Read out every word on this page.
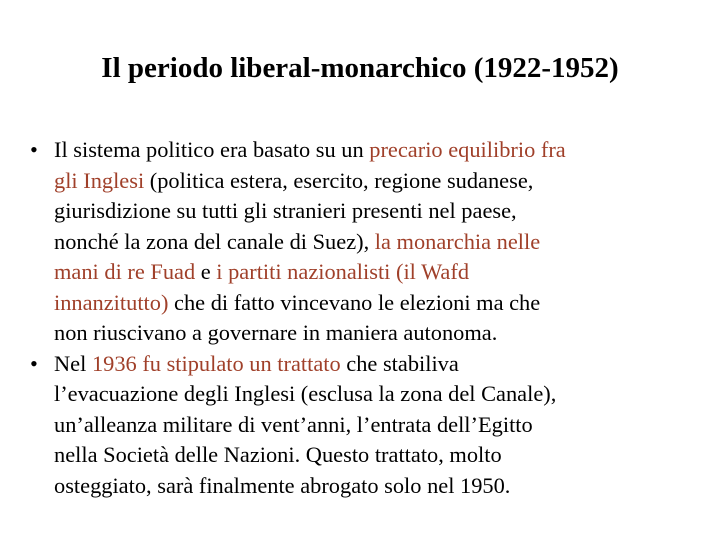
Il periodo liberal-monarchico (1922-1952)
• Il sistema politico era basato su un precario equilibrio fra
gli Inglesi (politica estera, esercito, regione sudanese,
giurisdizione su tutti gli stranieri presenti nel paese,
nonché la zona del canale di Suez), la monarchia nelle
mani di re Fuad e i partiti nazionalisti (il Wafd
innanzitutto) che di fatto vincevano le elezioni ma che
non riuscivano a governare in maniera autonoma.
• Nel 1936 fu stipulato un trattato che stabiliva
l’evacuazione degli Inglesi (esclusa la zona del Canale),
un’alleanza militare di vent’anni, l’entrata dell’Egitto
nella Società delle Nazioni. Questo trattato, molto
osteggiato, sarà finalmente abrogato solo nel 1950.
